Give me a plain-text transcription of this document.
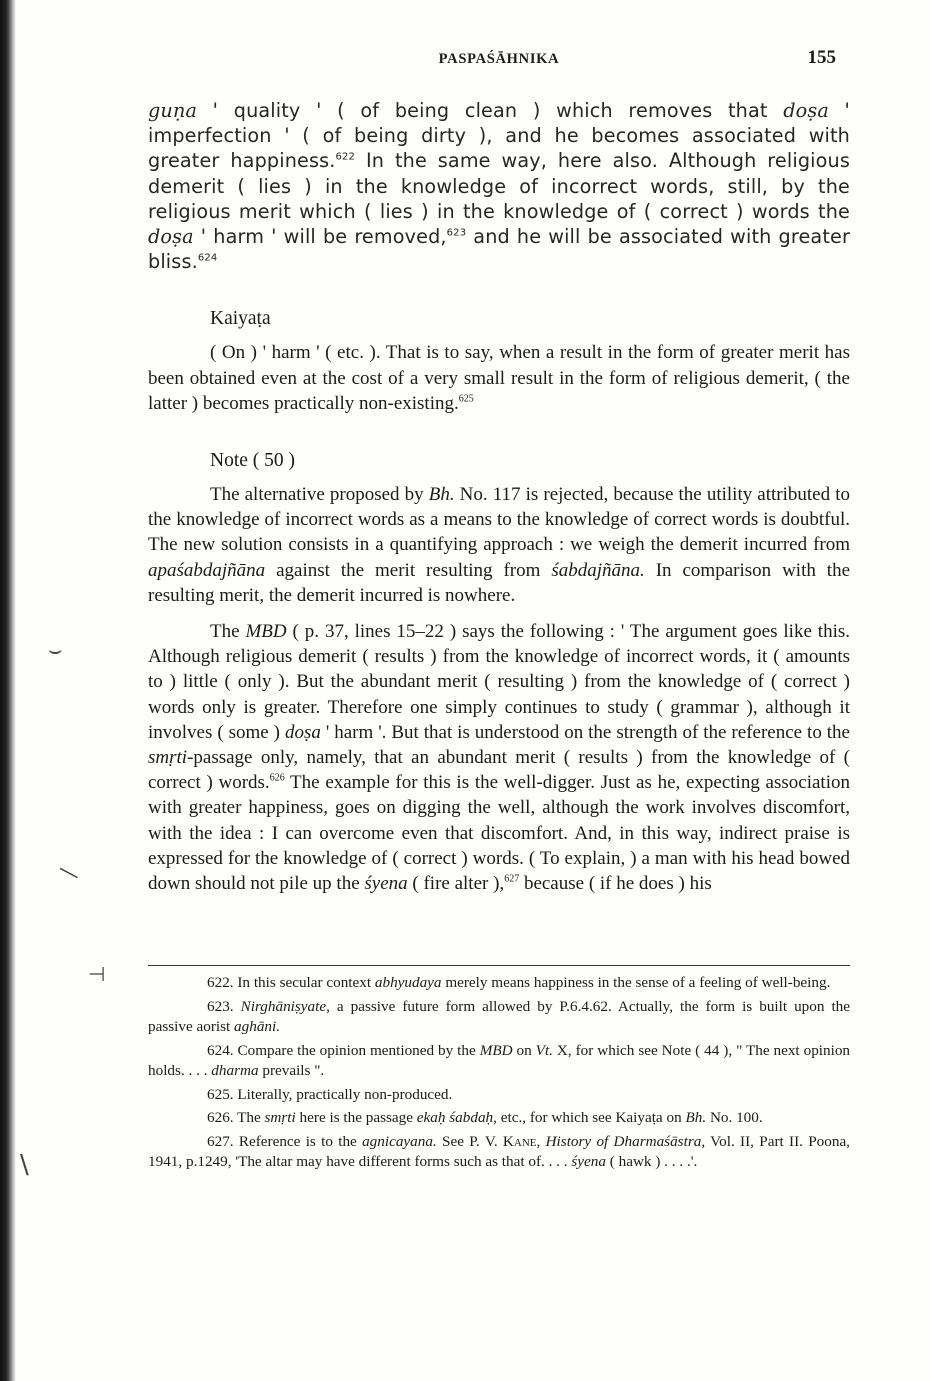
⌣
—
⊣
\
PASPAŚĀHNIKA	155

guṇa ' quality ' ( of being clean ) which removes that doṣa ' imperfection ' ( of being dirty ), and he becomes associated with greater happiness.$^{622}$ In the same way, here also. Although religious demerit ( lies ) in the knowledge of incorrect words, still, by the religious merit which ( lies ) in the knowledge of ( correct ) words the doṣa ' harm ' will be removed,$^{623}$ and he will be associated with greater bliss.$^{624}$

Kaiyaṭa

( On ) ' harm ' ( etc. ). That is to say, when a result in the form of greater merit has been obtained even at the cost of a very small result in the form of religious demerit, ( the latter ) becomes practically non-existing.$^{625}$

Note ( 50 )

The alternative proposed by Bh. No. 117 is rejected, because the utility attributed to the knowledge of incorrect words as a means to the knowledge of correct words is doubtful. The new solution consists in a quantifying approach : we weigh the demerit incurred from apaśabdajñāna against the merit resulting from śabdajñāna. In comparison with the resulting merit, the demerit incurred is nowhere.

The MBD ( p. 37, lines 15–22 ) says the following : ' The argument goes like this. Although religious demerit ( results ) from the knowledge of incorrect words, it ( amounts to ) little ( only ). But the abundant merit ( resulting ) from the knowledge of ( correct ) words only is greater. Therefore one simply continues to study ( grammar ), although it involves ( some ) doṣa ' harm '. But that is understood on the strength of the reference to the smṛti-passage only, namely, that an abundant merit ( results ) from the knowledge of ( correct ) words.$^{626}$ The example for this is the well-digger. Just as he, expecting association with greater happiness, goes on digging the well, although the work involves discomfort, with the idea : I can overcome even that discomfort. And, in this way, indirect praise is expressed for the knowledge of ( correct ) words. ( To explain, ) a man with his head bowed down should not pile up the śyena ( fire alter ),$^{627}$ because ( if he does ) his

622. In this secular context abhyudaya merely means happiness in the sense of a feeling of well-being.

623. Nirghāniṣyate, a passive future form allowed by P.6.4.62. Actually, the form is built upon the passive aorist aghāni.

624. Compare the opinion mentioned by the MBD on Vt. X, for which see Note ( 44 ), " The next opinion holds. . . . dharma prevails ".

625. Literally, practically non-produced.

626. The smṛti here is the passage ekaḥ śabdaḥ, etc., for which see Kaiyaṭa on Bh. No. 100.

627. Reference is to the agnicayana. See P. V. Kane, History of Dharmaśāstra, Vol. II, Part II. Poona, 1941, p.1249, 'The altar may have different forms such as that of. . . . śyena ( hawk ) . . . .'.
